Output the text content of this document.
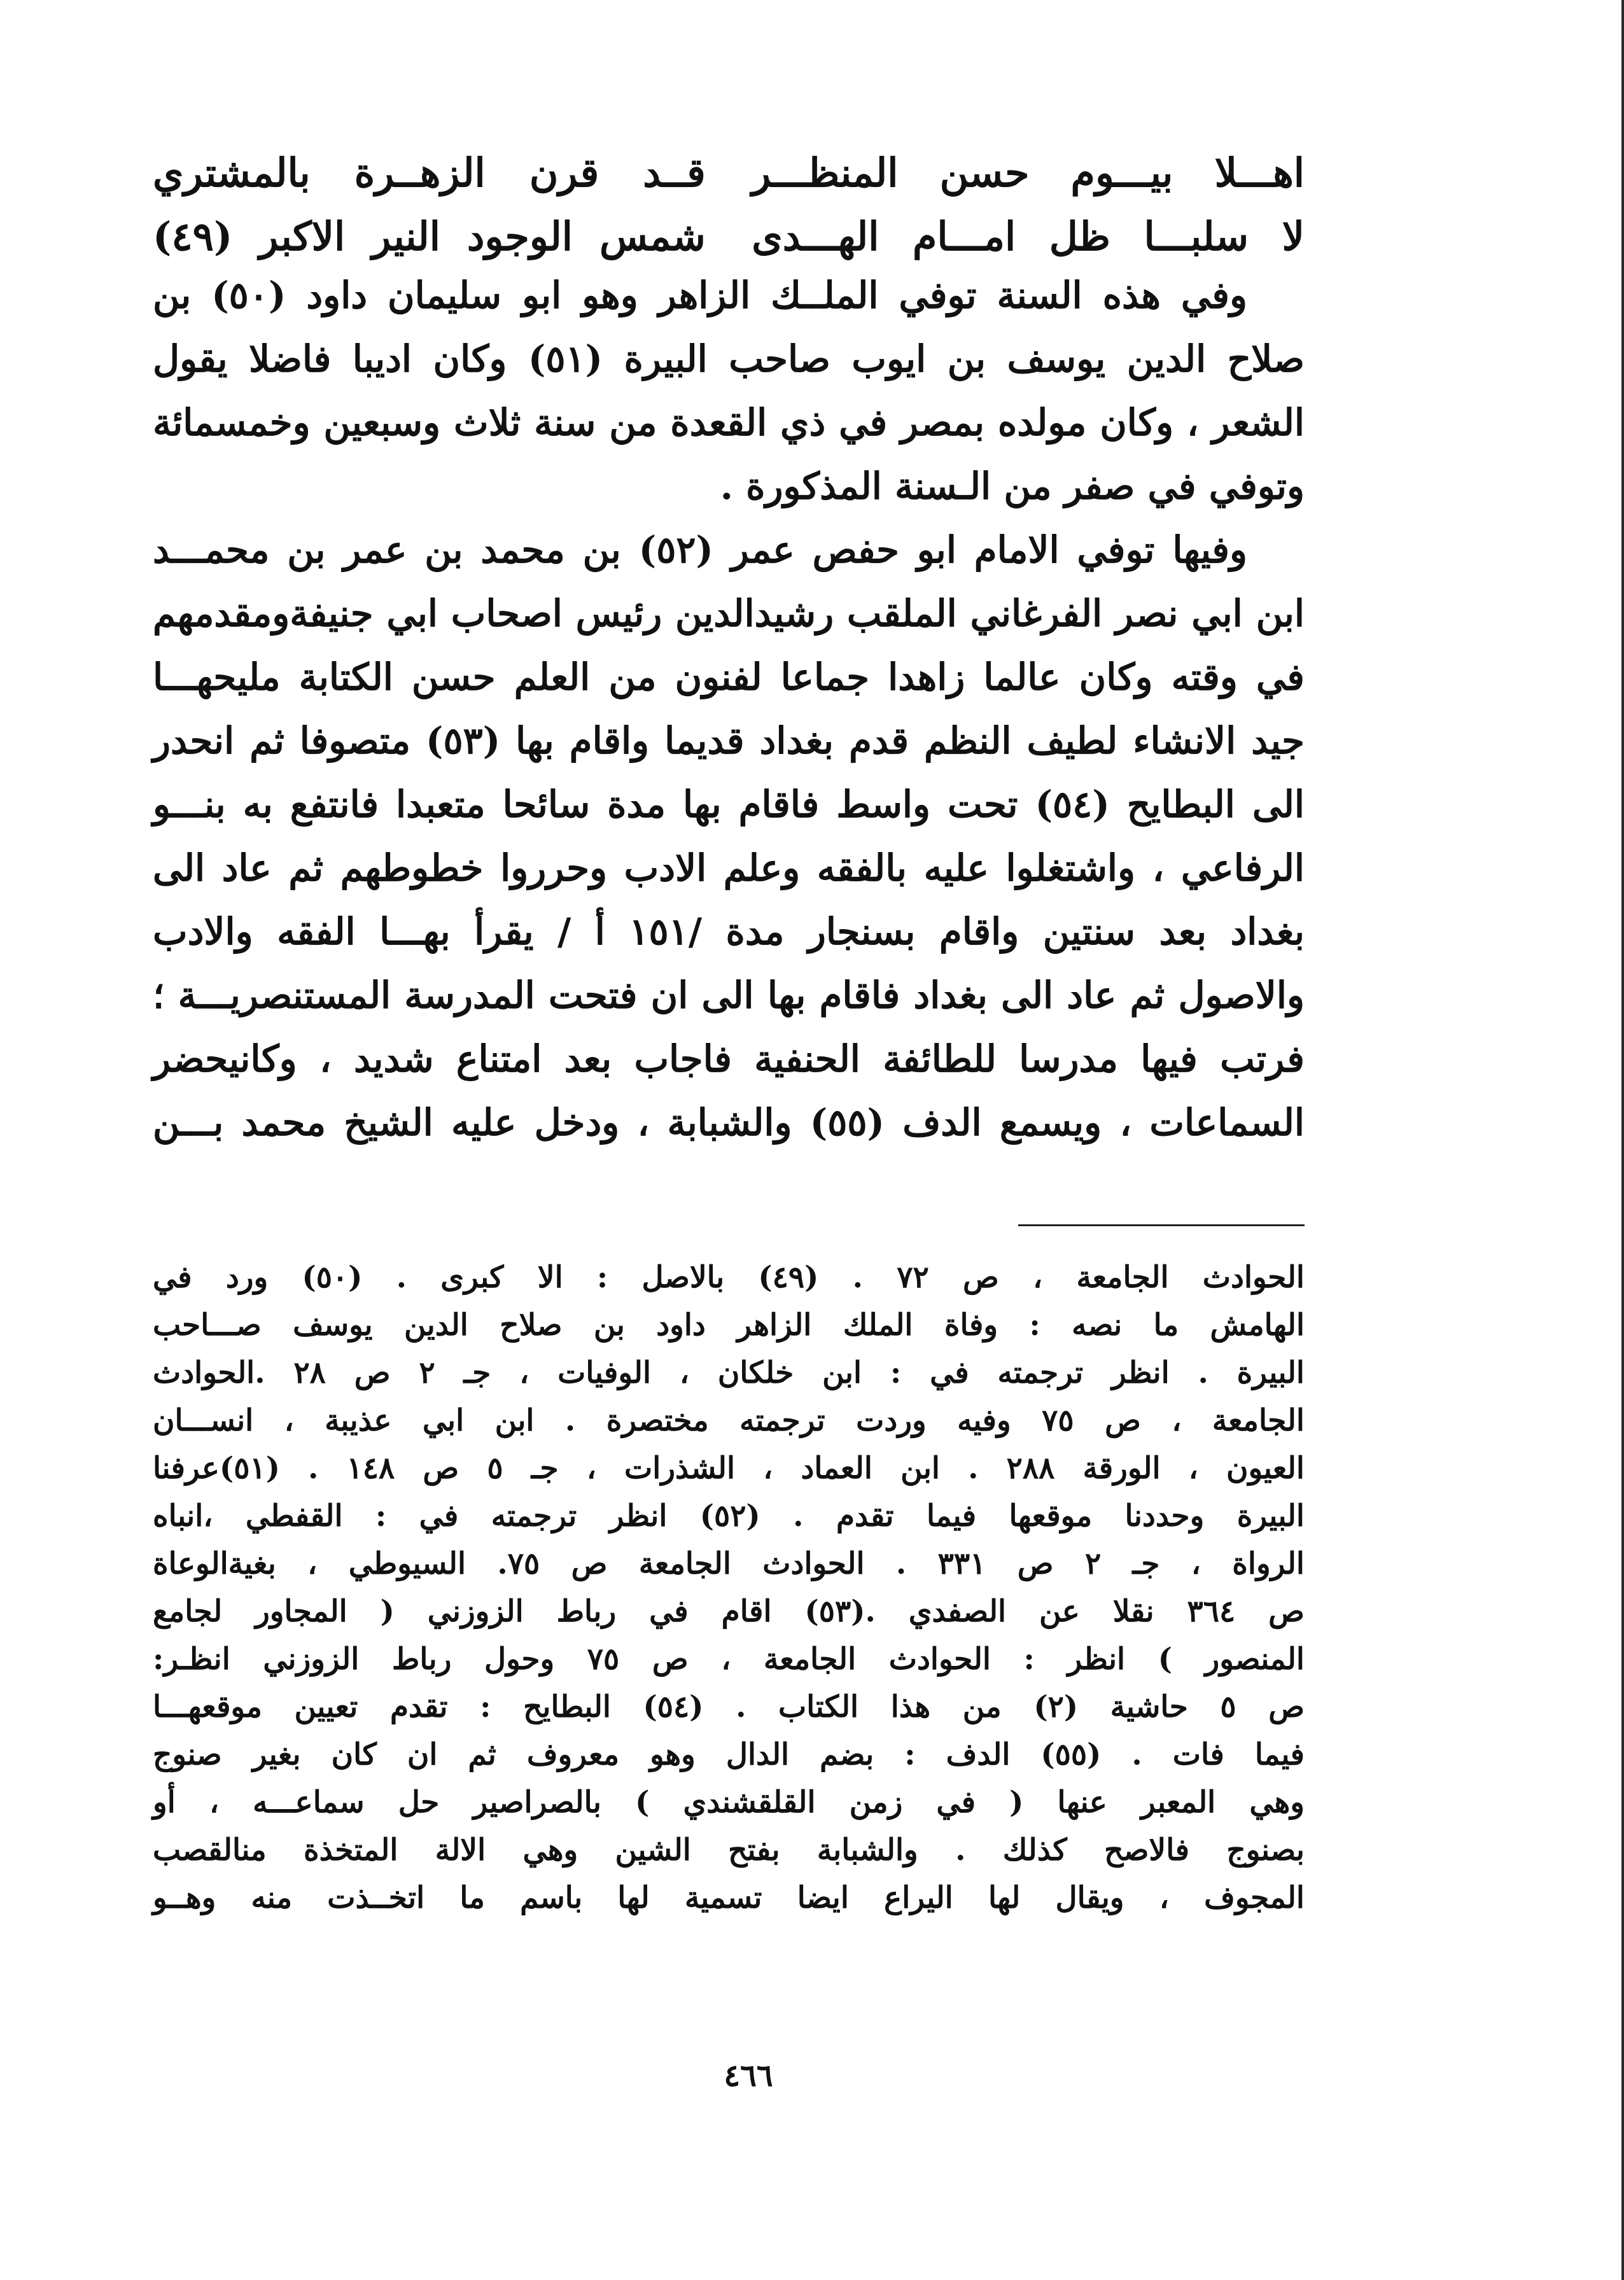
اهـــلا بيـــوم حسن المنظـــر
قــد قرن الزهــرة بالمشتري
لا سلبـــا ظل امـــام الهـــدى
شمس الوجود النير الاكبر (٤٩)
وفي هذه السنة توفي الملــك الزاهر وهو ابو سليمان داود (٥٠) بن
صلاح الدين يوسف بن ايوب صاحب البيرة (٥١) وكان اديبا فاضلا يقول
الشعر ، وكان مولده بمصر في ذي القعدة من سنة ثلاث وسبعين وخمسمائة
وتوفي في صفر من الـسنة المذكورة .
وفيها توفي الامام ابو حفص عمر (٥٢) بن محمد بن عمر بن محمـــد
ابن ابي نصر الفرغاني الملقب رشيدالدين رئيس اصحاب ابي جنيفةومقدمهم
في وقته وكان عالما زاهدا جماعا لفنون من العلم حسن الكتابة مليحهـــا
جيد الانشاء لطيف النظم قدم بغداد قديما واقام بها (٥٣) متصوفا ثم انحدر
الى البطايح (٥٤) تحت واسط فاقام بها مدة سائحا متعبدا فانتفع به بنـــو
الرفاعي ، واشتغلوا عليه بالفقه وعلم الادب وحرروا خطوطهم ثم عاد الى
بغداد بعد سنتين واقام بسنجار مدة /١٥١ أ / يقرأ بهـــا الفقه والادب
والاصول ثم عاد الى بغداد فاقام بها الى ان فتحت المدرسة المستنصريـــة ؛
فرتب فيها مدرسا للطائفة الحنفية فاجاب بعد امتناع شديد ، وكانيحضر
السماعات ، ويسمع الدف (٥٥) والشبابة ، ودخل عليه الشيخ محمد بـــن
الحوادث الجامعة ، ص ٧٢ . (٤٩) بالاصل : الا كبرى . (٥٠) ورد في
الهامش ما نصه : وفاة الملك الزاهر داود بن صلاح الدين يوسف صـــاحب
البيرة . انظر ترجمته في : ابن خلكان ، الوفيات ، جـ ٢ ص ٢٨ .الحوادث
الجامعة ، ص ٧٥ وفيه وردت ترجمته مختصرة . ابن ابي عذيبة ، انســـان
العيون ، الورقة ٢٨٨ . ابن العماد ، الشذرات ، جـ ٥ ص ١٤٨ . (٥١)عرفنا
البيرة وحددنا موقعها فيما تقدم . (٥٢) انظر ترجمته في : القفطي ،انباه
الرواة ، جـ ٢ ص ٣٣١ . الحوادث الجامعة ص ٧٥. السيوطي ، بغيةالوعاة
ص ٣٦٤ نقلا عن الصفدي .(٥٣) اقام في رباط الزوزني ( المجاور لجامع
المنصور ) انظر : الحوادث الجامعة ، ص ٧٥ وحول رباط الزوزني انظـر:
ص ٥ حاشية (٢) من هذا الكتاب . (٥٤) البطايح : تقدم تعيين موقعهـــا
فيما فات . (٥٥) الدف : بضم الدال وهو معروف ثم ان كان بغير صنوج
وهي المعبر عنها ( في زمن القلقشندي ) بالصراصير حل سماعـــه ، أو
بصنوج فالاصح كذلك . والشبابة بفتح الشين وهي الالة المتخذة منالقصب
المجوف ، ويقال لها اليراع ايضا تسمية لها باسم ما اتخــذت منه وهــو
٤٦٦
